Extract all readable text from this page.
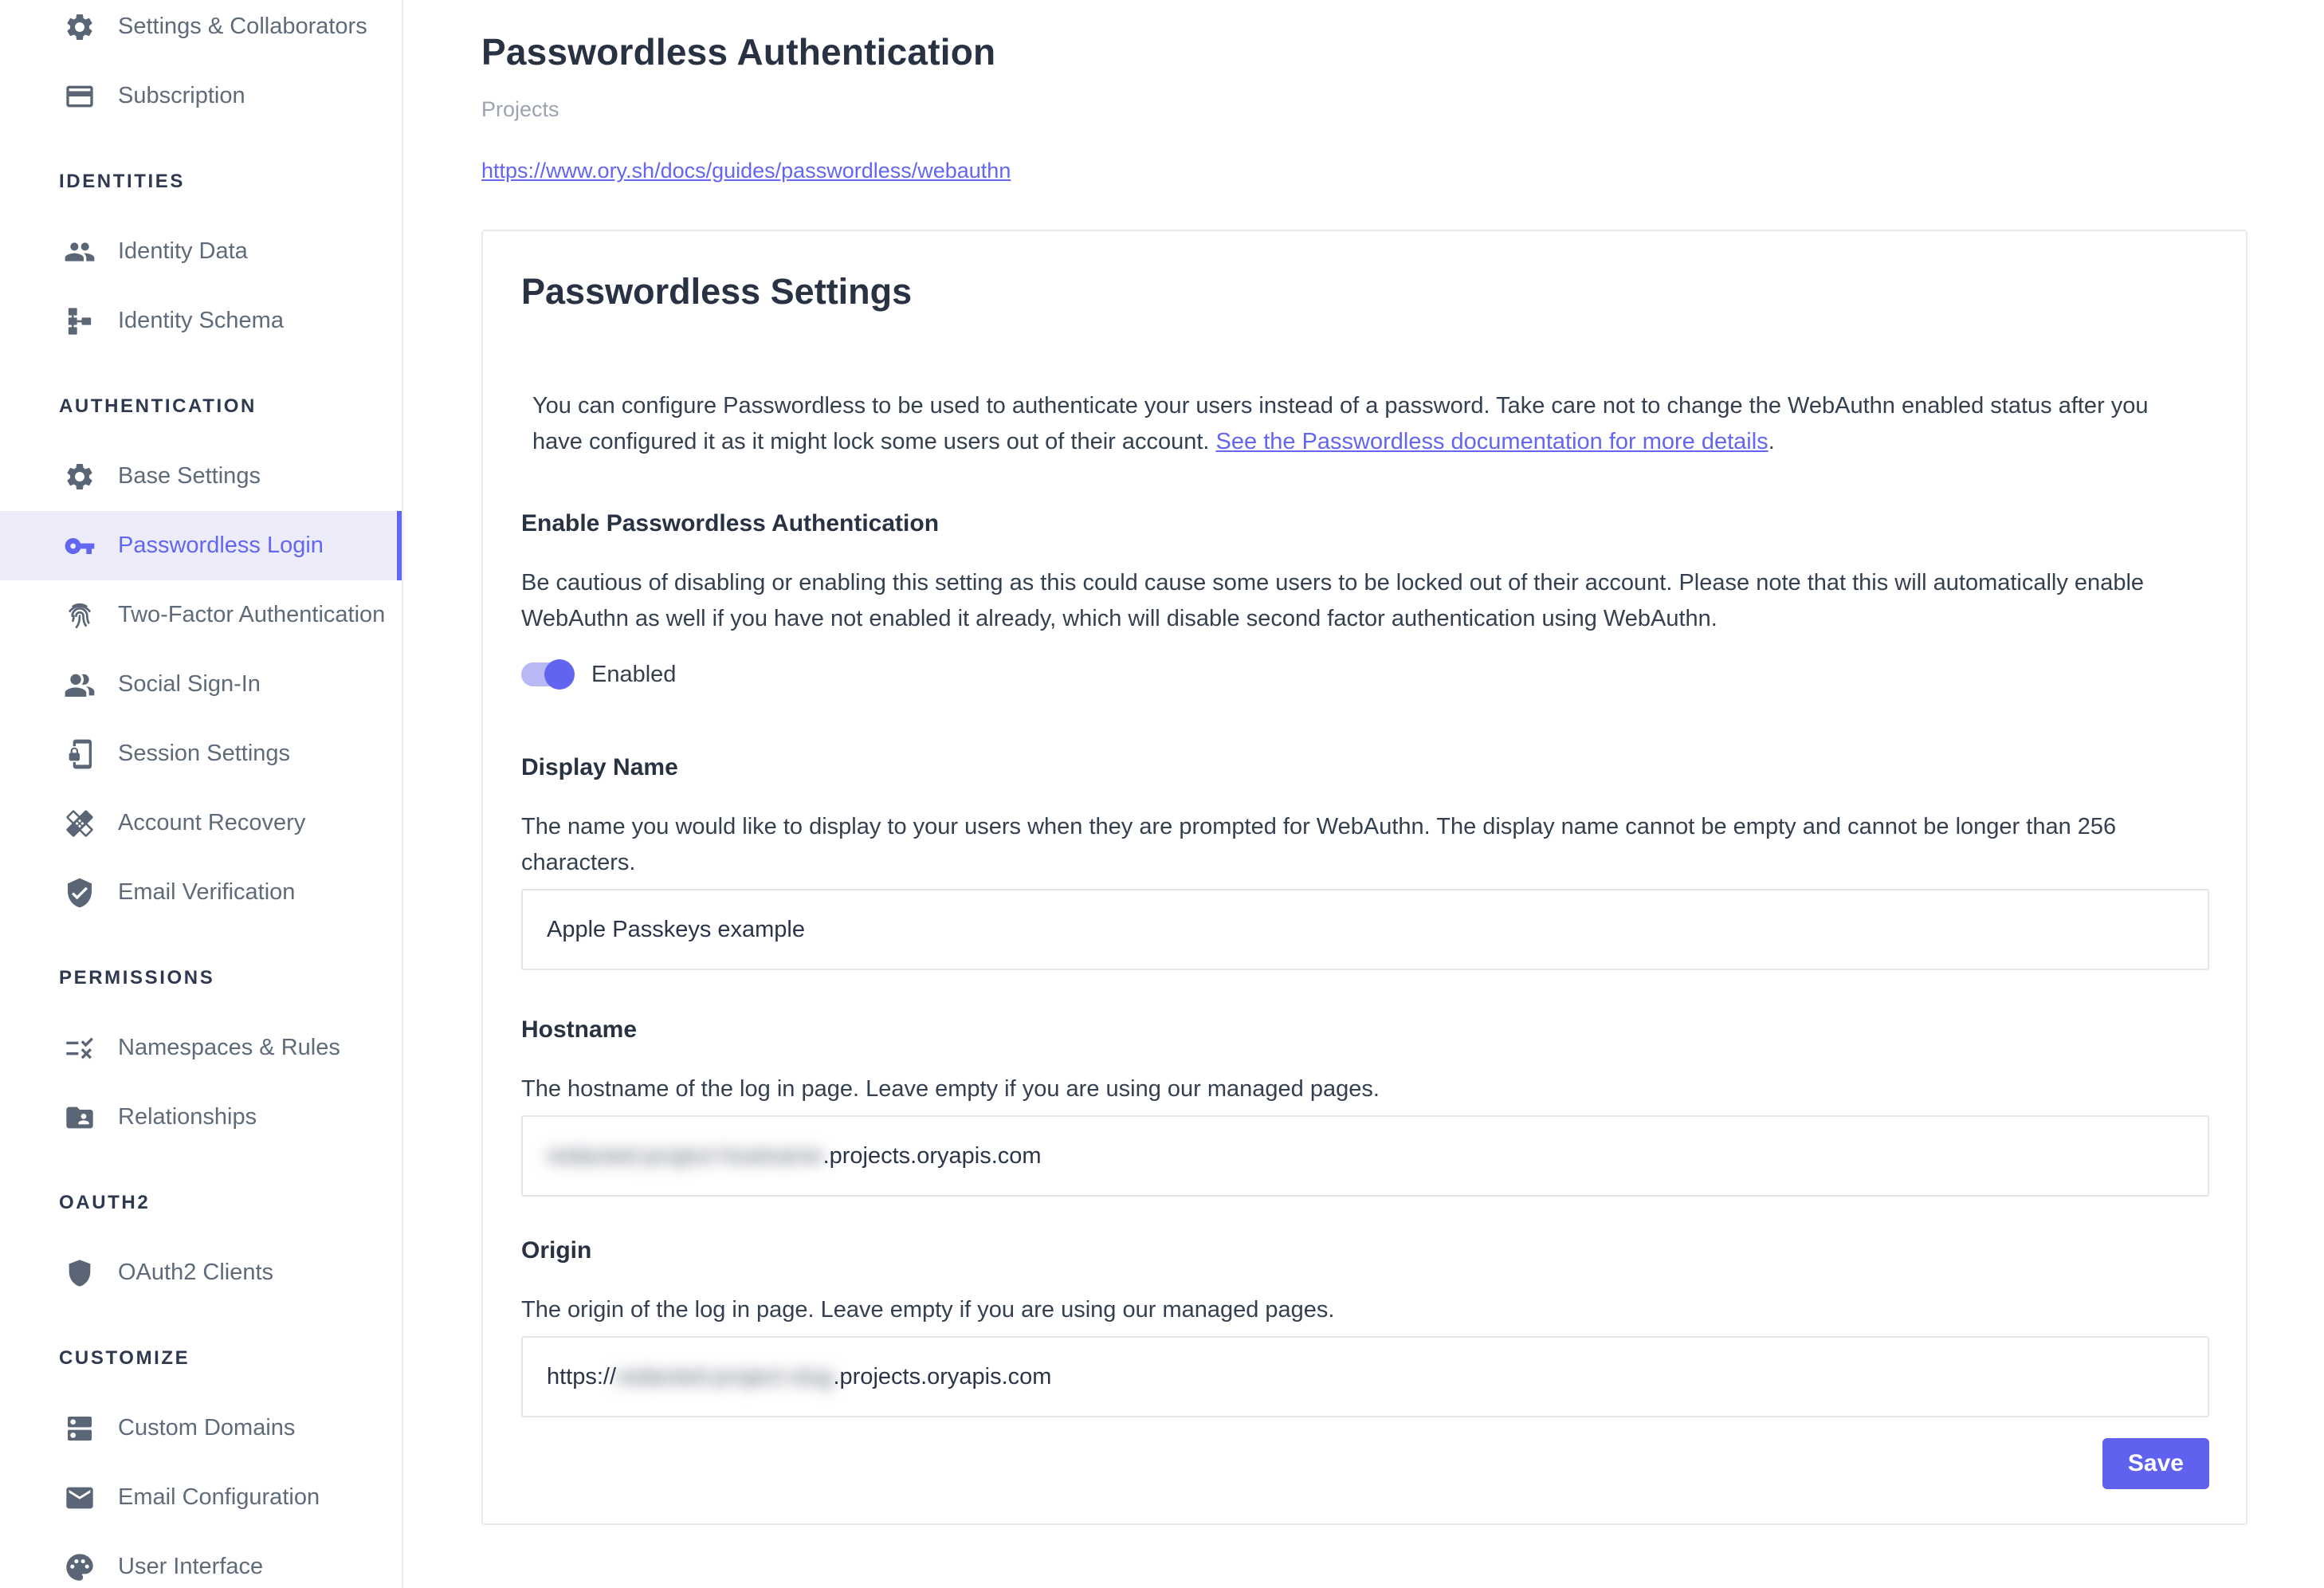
Settings & Collaborators
Subscription
IDENTITIES
Identity Data
Identity Schema
AUTHENTICATION
Base Settings
Passwordless Login
Two-Factor Authentication
Social Sign-In
Session Settings
Account Recovery
Email Verification
PERMISSIONS
Namespaces & Rules
Relationships
OAUTH2
OAuth2 Clients
CUSTOMIZE
Custom Domains
Email Configuration
User Interface
Passwordless Authentication
Projects
https://www.ory.sh/docs/guides/passwordless/webauthn
Passwordless Settings

You can configure Passwordless to be used to authenticate your users instead of a password. Take care not to change the WebAuthn enabled status after you have configured it as it might lock some users out of their account. See the Passwordless documentation for more details.

Enable Passwordless Authentication

Be cautious of disabling or enabling this setting as this could cause some users to be locked out of their account. Please note that this will automatically enable WebAuthn as well if you have not enabled it already, which will disable second factor authentication using WebAuthn.

Enabled
Display Name

The name you would like to display to your users when they are prompted for WebAuthn. The display name cannot be empty and cannot be longer than 256 characters.

Apple Passkeys example
Hostname

The hostname of the log in page. Leave empty if you are using our managed pages.

redacted-project-hostname .projects.oryapis.com
Origin

The origin of the log in page. Leave empty if you are using our managed pages.

https:// redacted-project-slug .projects.oryapis.com
Save
